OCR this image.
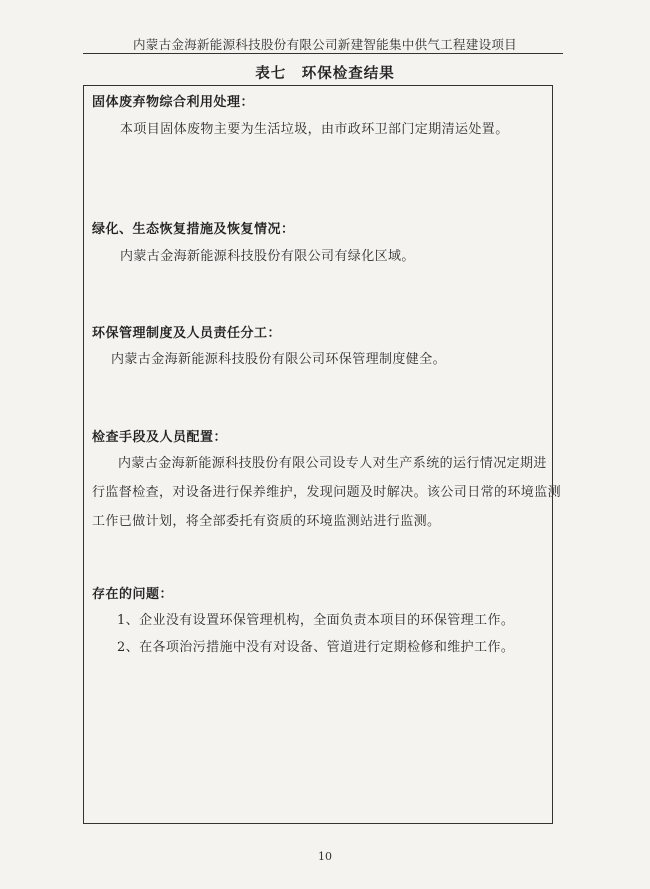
内蒙古金海新能源科技股份有限公司新建智能集中供气工程建设项目
表七　环保检查结果
固体废弃物综合利用处理：
本项目固体废物主要为生活垃圾，由市政环卫部门定期清运处置。
绿化、生态恢复措施及恢复情况：
内蒙古金海新能源科技股份有限公司有绿化区域。
环保管理制度及人员责任分工：
内蒙古金海新能源科技股份有限公司环保管理制度健全。
检查手段及人员配置：
内蒙古金海新能源科技股份有限公司设专人对生产系统的运行情况定期进
行监督检查，对设备进行保养维护，发现问题及时解决。该公司日常的环境监测
工作已做计划，将全部委托有资质的环境监测站进行监测。
存在的问题：
1、企业没有设置环保管理机构，全面负责本项目的环保管理工作。
2、在各项治污措施中没有对设备、管道进行定期检修和维护工作。
10
